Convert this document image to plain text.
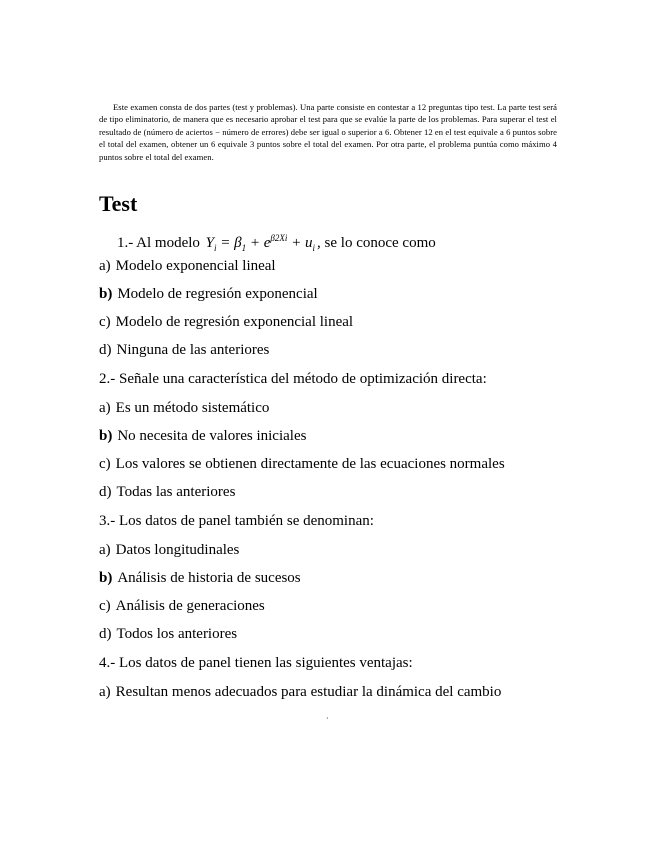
Este examen consta de dos partes (test y problemas). Una parte consiste en contestar a 12 preguntas tipo test. La parte test será de tipo eliminatorio, de manera que es necesario aprobar el test para que se evalúe la parte de los problemas. Para superar el test el resultado de (número de aciertos − número de errores) debe ser igual o superior a 6. Obtener 12 en el test equivale a 6 puntos sobre el total del examen, obtener un 6 equivale 3 puntos sobre el total del examen. Por otra parte, el problema puntúa como máximo 4 puntos sobre el total del examen.
Test
1.- Al modelo $Y_i = \beta_1 + e^{\beta 2Xi} + u_i$ , se lo conoce como
a) Modelo exponencial lineal
b) Modelo de regresión exponencial
c) Modelo de regresión exponencial lineal
d) Ninguna de las anteriores
2.- Señale una característica del método de optimización directa:
a) Es un método sistemático
b) No necesita de valores iniciales
c) Los valores se obtienen directamente de las ecuaciones normales
d) Todas las anteriores
3.- Los datos de panel también se denominan:
a) Datos longitudinales
b) Análisis de historia de sucesos
c) Análisis de generaciones
d) Todos los anteriores
4.- Los datos de panel tienen las siguientes ventajas:
a) Resultan menos adecuados para estudiar la dinámica del cambio
·
